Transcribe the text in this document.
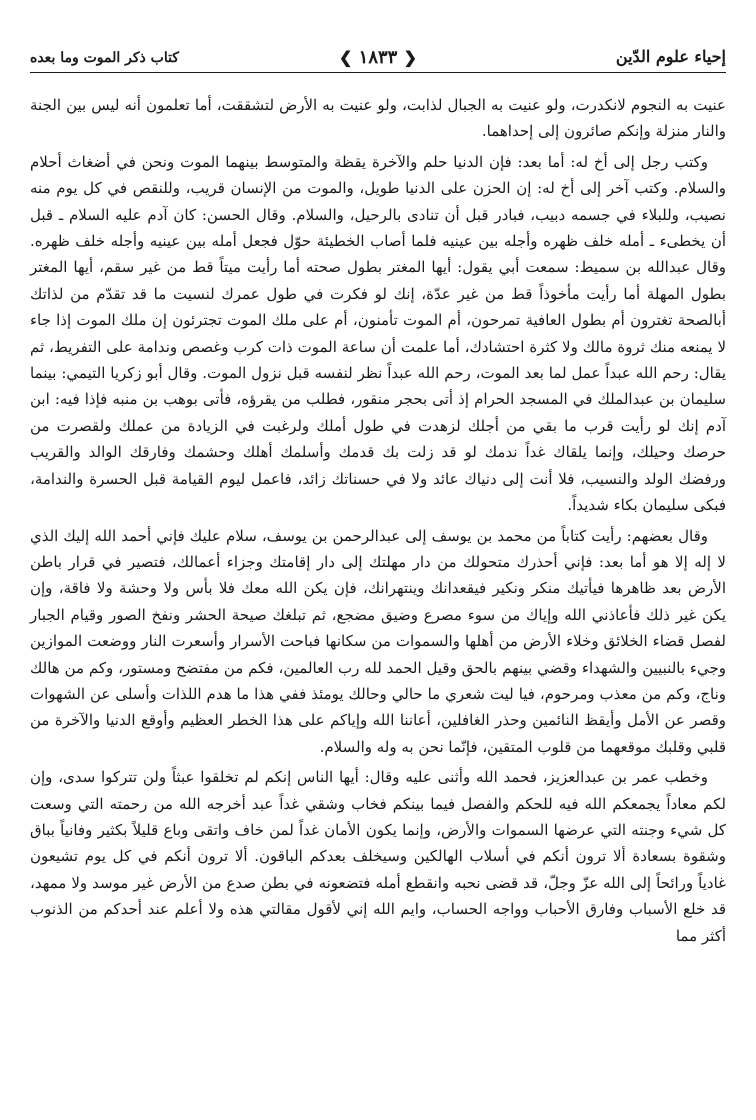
إحياء علوم الدّين
❮ ١٨٣٣ ❯
كتاب ذكر الموت وما بعده

عنيت به النجوم لانكدرت، ولو عنيت به الجبال لذابت، ولو عنيت به الأرض لتشققت، أما تعلمون أنه ليس بين الجنة والنار منزلة وإنكم صائرون إلى إحداهما.

وكتب رجل إلى أخ له: أما بعد: فإن الدنيا حلم والآخرة يقظة والمتوسط بينهما الموت ونحن في أضغاث أحلام والسلام. وكتب آخر إلى أخ له: إن الحزن على الدنيا طويل، والموت من الإنسان قريب، وللنقص في كل يوم منه نصيب، وللبلاء في جسمه دبيب، فبادر قبل أن تنادى بالرحيل، والسلام. وقال الحسن: كان آدم عليه السلام ـ قبل أن يخطىء ـ أمله خلف ظهره وأجله بين عينيه فلما أصاب الخطيئة حوّل فجعل أمله بين عينيه وأجله خلف ظهره. وقال عبدالله بن سميط: سمعت أبي يقول: أيها المغتر بطول صحته أما رأيت ميتاً قط من غير سقم، أيها المغتر بطول المهلة أما رأيت مأخوذاً قط من غير عدّة، إنك لو فكرت في طول عمرك لنسيت ما قد تقدّم من لذاتك أبالصحة تغترون أم بطول العافية تمرحون، أم الموت تأمنون، أم على ملك الموت تجترئون إن ملك الموت إذا جاء لا يمنعه منك ثروة مالك ولا كثرة احتشادك، أما علمت أن ساعة الموت ذات كرب وغصص وندامة على التفريط، ثم يقال: رحم الله عبداً عمل لما بعد الموت، رحم الله عبداً نظر لنفسه قبل نزول الموت. وقال أبو زكريا التيمي: بينما سليمان بن عبدالملك في المسجد الحرام إذ أتى بحجر منقور، فطلب من يقرؤه، فأتى بوهب بن منبه فإذا فيه: ابن آدم إنك لو رأيت قرب ما بقي من أجلك لزهدت في طول أملك ولرغبت في الزيادة من عملك ولقصرت من حرصك وحيلك، وإنما يلقاك غداً ندمك لو قد زلت بك قدمك وأسلمك أهلك وحشمك وفارقك الوالد والقريب ورفضك الولد والنسيب، فلا أنت إلى دنياك عائد ولا في حسناتك زائد، فاعمل ليوم القيامة قبل الحسرة والندامة، فبكى سليمان بكاء شديداً.

وقال بعضهم: رأيت كتاباً من محمد بن يوسف إلى عبدالرحمن بن يوسف، سلام عليك فإني أحمد الله إليك الذي لا إله إلا هو أما بعد: فإني أحذرك متحولك من دار مهلتك إلى دار إقامتك وجزاء أعمالك، فتصير في قرار باطن الأرض بعد ظاهرها فيأتيك منكر ونكير فيقعدانك وينتهرانك، فإن يكن الله معك فلا بأس ولا وحشة ولا فاقة، وإن يكن غير ذلك فأعاذني الله وإياك من سوء مصرع وضيق مضجع، ثم تبلغك صيحة الحشر ونفخ الصور وقيام الجبار لفصل قضاء الخلائق وخلاء الأرض من أهلها والسموات من سكانها فباحت الأسرار وأسعرت النار ووضعت الموازين وجيء بالنبيين والشهداء وقضي بينهم بالحق وقيل الحمد لله رب العالمين، فكم من مفتضح ومستور، وكم من هالك وناج، وكم من معذب ومرحوم، فيا ليت شعري ما حالي وحالك يومئذ ففي هذا ما هدم اللذات وأسلى عن الشهوات وقصر عن الأمل وأيقظ النائمين وحذر الغافلين، أعاننا الله وإياكم على هذا الخطر العظيم وأوقع الدنيا والآخرة من قلبي وقلبك موقعهما من قلوب المتقين، فإنّما نحن به وله والسلام.

وخطب عمر بن عبدالعزيز، فحمد الله وأثنى عليه وقال: أيها الناس إنكم لم تخلقوا عبثاً ولن تتركوا سدى، وإن لكم معاداً يجمعكم الله فيه للحكم والفصل فيما بينكم فخاب وشقي غداً عبد أخرجه الله من رحمته التي وسعت كل شيء وجنته التي عرضها السموات والأرض، وإنما يكون الأمان غداً لمن خاف واتقى وباع قليلاً بكثير وفانياً بباق وشقوة بسعادة ألا ترون أنكم في أسلاب الهالكين وسيخلف بعدكم الباقون. ألا ترون أنكم في كل يوم تشيعون غادياً ورائحاً إلى الله عزّ وجلّ، قد قضى نحبه وانقطع أمله فتضعونه في بطن صدع من الأرض غير موسد ولا ممهد، قد خلع الأسباب وفارق الأحباب وواجه الحساب، وايم الله إني لأقول مقالتي هذه ولا أعلم عند أحدكم من الذنوب أكثر مما
